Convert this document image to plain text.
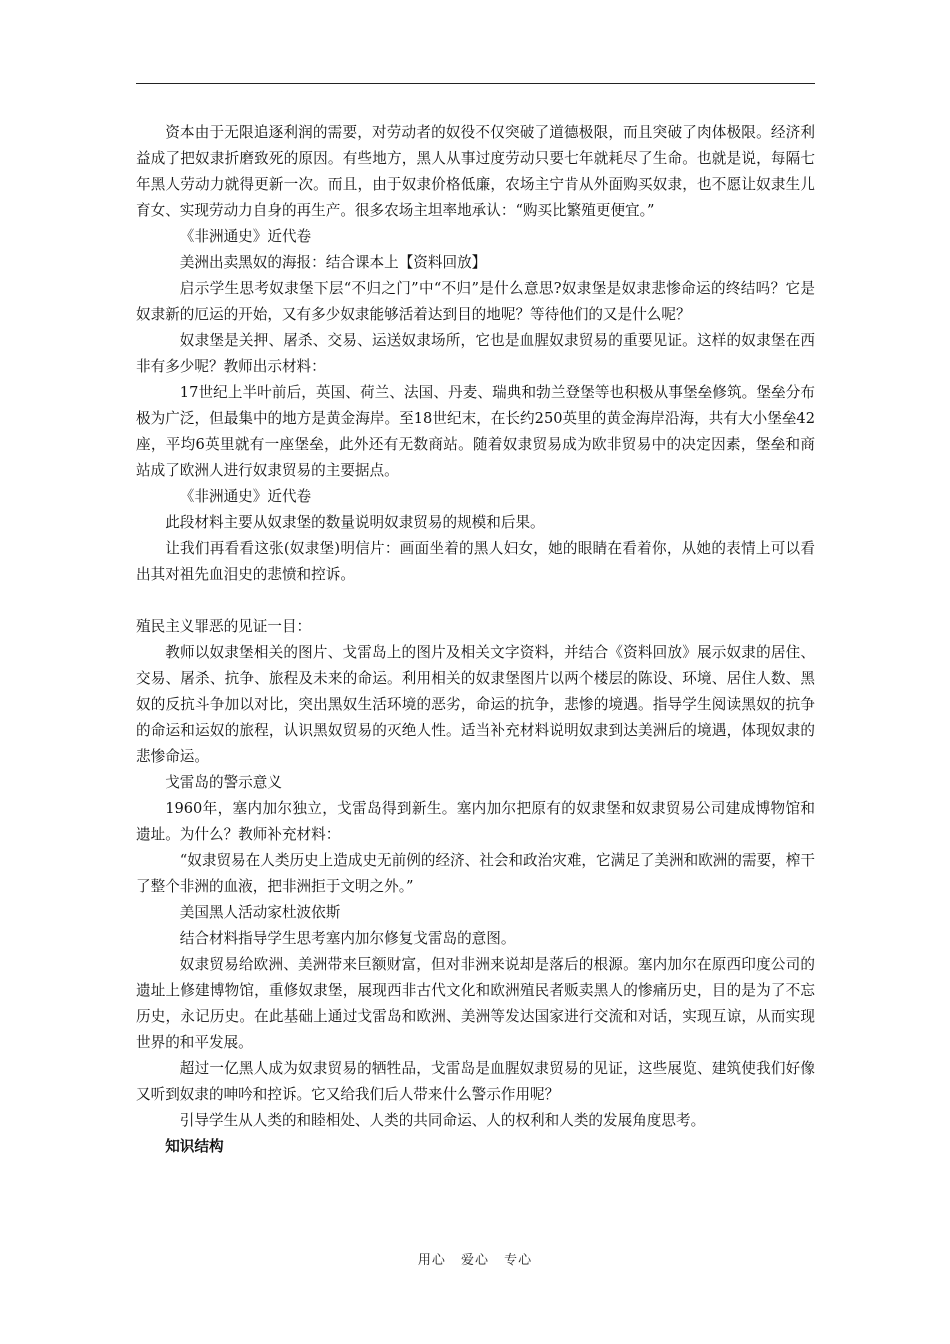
资本由于无限追逐利润的需要，对劳动者的奴役不仅突破了道德极限，而且突破了肉体极限。经济利益成了把奴隶折磨致死的原因。有些地方，黑人从事过度劳动只要七年就耗尽了生命。也就是说，每隔七年黑人劳动力就得更新一次。而且，由于奴隶价格低廉，农场主宁肯从外面购买奴隶，也不愿让奴隶生儿育女、实现劳动力自身的再生产。很多农场主坦率地承认：“购买比繁殖更便宜。”

《非洲通史》近代卷

美洲出卖黑奴的海报：结合课本上【资料回放】

启示学生思考奴隶堡下层“不归之门”中“不归”是什么意思?奴隶堡是奴隶悲惨命运的终结吗？它是奴隶新的厄运的开始，又有多少奴隶能够活着达到目的地呢？等待他们的又是什么呢？

奴隶堡是关押、屠杀、交易、运送奴隶场所，它也是血腥奴隶贸易的重要见证。这样的奴隶堡在西非有多少呢？教师出示材料：

17世纪上半叶前后，英国、荷兰、法国、丹麦、瑞典和勃兰登堡等也积极从事堡垒修筑。堡垒分布极为广泛，但最集中的地方是黄金海岸。至18世纪末，在长约250英里的黄金海岸沿海，共有大小堡垒42座，平均6英里就有一座堡垒，此外还有无数商站。随着奴隶贸易成为欧非贸易中的决定因素，堡垒和商站成了欧洲人进行奴隶贸易的主要据点。

《非洲通史》近代卷

此段材料主要从奴隶堡的数量说明奴隶贸易的规模和后果。

让我们再看看这张(奴隶堡)明信片：画面坐着的黑人妇女，她的眼睛在看着你，从她的表情上可以看出其对祖先血泪史的悲愤和控诉。

殖民主义罪恶的见证一目：

教师以奴隶堡相关的图片、戈雷岛上的图片及相关文字资料，并结合《资料回放》展示奴隶的居住、交易、屠杀、抗争、旅程及未来的命运。利用相关的奴隶堡图片以两个楼层的陈设、环境、居住人数、黑奴的反抗斗争加以对比，突出黑奴生活环境的恶劣，命运的抗争，悲惨的境遇。指导学生阅读黑奴的抗争的命运和运奴的旅程，认识黑奴贸易的灭绝人性。适当补充材料说明奴隶到达美洲后的境遇，体现奴隶的悲惨命运。

戈雷岛的警示意义

1960年，塞内加尔独立，戈雷岛得到新生。塞内加尔把原有的奴隶堡和奴隶贸易公司建成博物馆和遗址。为什么？教师补充材料：

“奴隶贸易在人类历史上造成史无前例的经济、社会和政治灾难，它满足了美洲和欧洲的需要，榨干了整个非洲的血液，把非洲拒于文明之外。”

美国黑人活动家杜波依斯

结合材料指导学生思考塞内加尔修复戈雷岛的意图。

奴隶贸易给欧洲、美洲带来巨额财富，但对非洲来说却是落后的根源。塞内加尔在原西印度公司的遗址上修建博物馆，重修奴隶堡，展现西非古代文化和欧洲殖民者贩卖黑人的惨痛历史，目的是为了不忘历史，永记历史。在此基础上通过戈雷岛和欧洲、美洲等发达国家进行交流和对话，实现互谅，从而实现世界的和平发展。

超过一亿黑人成为奴隶贸易的牺牲品，戈雷岛是血腥奴隶贸易的见证，这些展览、建筑使我们好像又听到奴隶的呻吟和控诉。它又给我们后人带来什么警示作用呢？

引导学生从人类的和睦相处、人类的共同命运、人的权利和人类的发展角度思考。

知识结构

用心 爱心 专心
